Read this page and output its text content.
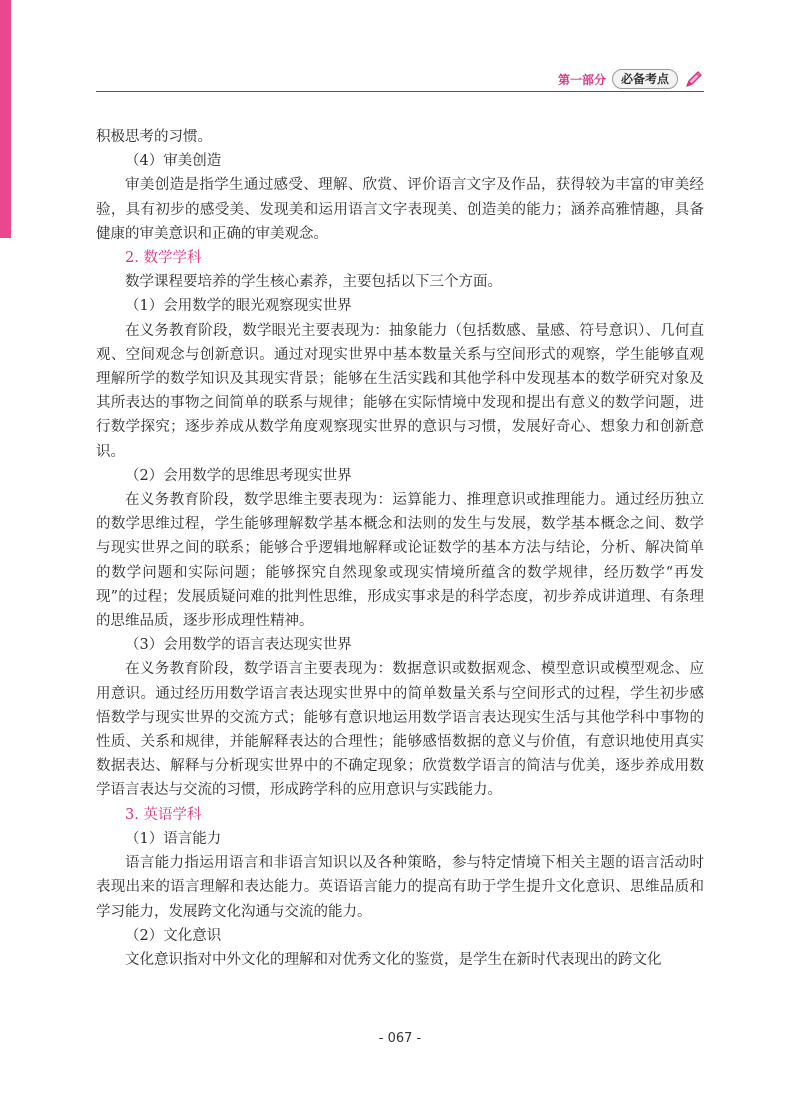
第一部分	必备考点

积极思考的习惯。

（4）审美创造

审美创造是指学生通过感受、理解、欣赏、评价语言文字及作品，获得较为丰富的审美经验，具有初步的感受美、发现美和运用语言文字表现美、创造美的能力；涵养高雅情趣，具备健康的审美意识和正确的审美观念。

2. 数学学科

数学课程要培养的学生核心素养，主要包括以下三个方面。

（1）会用数学的眼光观察现实世界

在义务教育阶段，数学眼光主要表现为：抽象能力（包括数感、量感、符号意识）、几何直观、空间观念与创新意识。通过对现实世界中基本数量关系与空间形式的观察，学生能够直观理解所学的数学知识及其现实背景；能够在生活实践和其他学科中发现基本的数学研究对象及其所表达的事物之间简单的联系与规律；能够在实际情境中发现和提出有意义的数学问题，进行数学探究；逐步养成从数学角度观察现实世界的意识与习惯，发展好奇心、想象力和创新意识。

（2）会用数学的思维思考现实世界

在义务教育阶段，数学思维主要表现为：运算能力、推理意识或推理能力。通过经历独立的数学思维过程，学生能够理解数学基本概念和法则的发生与发展，数学基本概念之间、数学与现实世界之间的联系；能够合乎逻辑地解释或论证数学的基本方法与结论，分析、解决简单的数学问题和实际问题；能够探究自然现象或现实情境所蕴含的数学规律，经历数学“再发现”的过程；发展质疑问难的批判性思维，形成实事求是的科学态度，初步养成讲道理、有条理的思维品质，逐步形成理性精神。

（3）会用数学的语言表达现实世界

在义务教育阶段，数学语言主要表现为：数据意识或数据观念、模型意识或模型观念、应用意识。通过经历用数学语言表达现实世界中的简单数量关系与空间形式的过程，学生初步感悟数学与现实世界的交流方式；能够有意识地运用数学语言表达现实生活与其他学科中事物的性质、关系和规律，并能解释表达的合理性；能够感悟数据的意义与价值，有意识地使用真实数据表达、解释与分析现实世界中的不确定现象；欣赏数学语言的简洁与优美，逐步养成用数学语言表达与交流的习惯，形成跨学科的应用意识与实践能力。

3. 英语学科

（1）语言能力

语言能力指运用语言和非语言知识以及各种策略，参与特定情境下相关主题的语言活动时表现出来的语言理解和表达能力。英语语言能力的提高有助于学生提升文化意识、思维品质和学习能力，发展跨文化沟通与交流的能力。

（2）文化意识

文化意识指对中外文化的理解和对优秀文化的鉴赏，是学生在新时代表现出的跨文化

- 067 -
